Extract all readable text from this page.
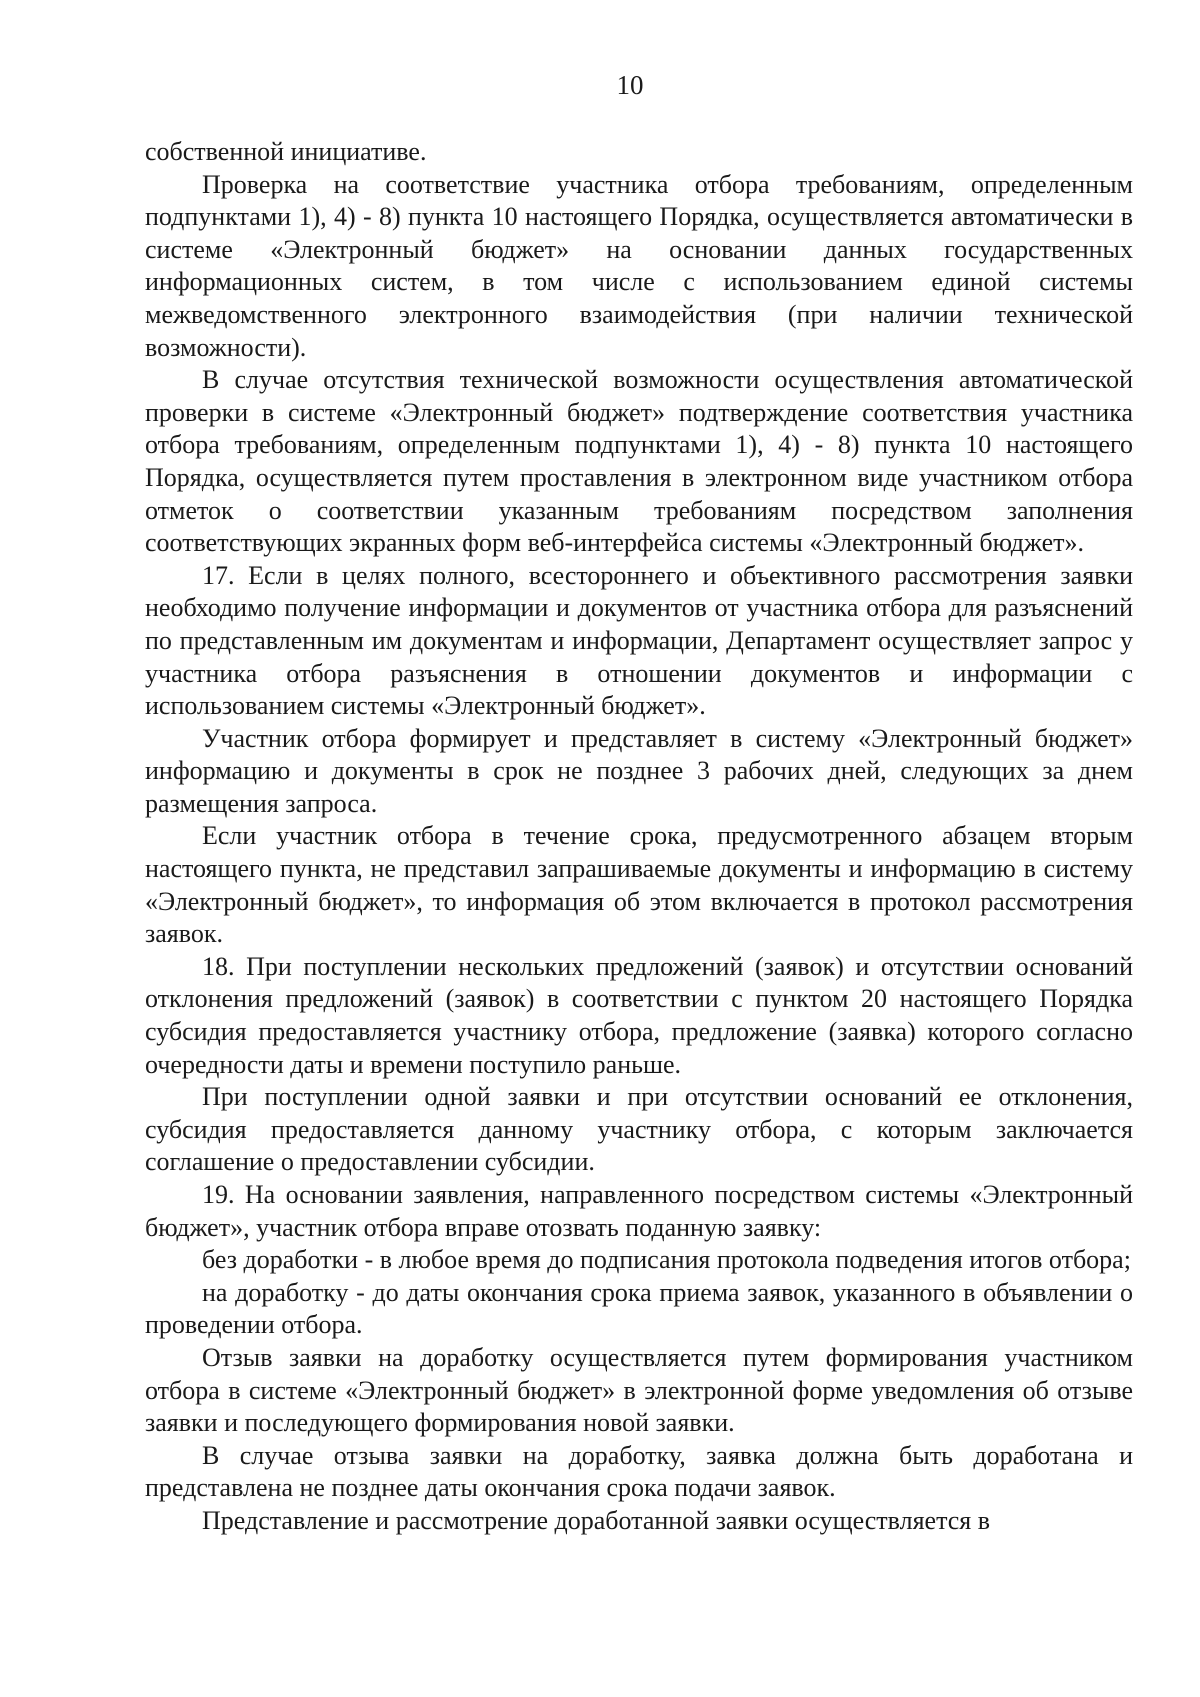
10

собственной инициативе.

Проверка на соответствие участника отбора требованиям, определенным подпунктами 1), 4) - 8) пункта 10 настоящего Порядка, осуществляется автоматически в системе «Электронный бюджет» на основании данных государственных информационных систем, в том числе с использованием единой системы межведомственного электронного взаимодействия (при наличии технической возможности).

В случае отсутствия технической возможности осуществления автоматической проверки в системе «Электронный бюджет» подтверждение соответствия участника отбора требованиям, определенным подпунктами 1), 4) - 8) пункта 10 настоящего Порядка, осуществляется путем проставления в электронном виде участником отбора отметок о соответствии указанным требованиям посредством заполнения соответствующих экранных форм веб-интерфейса системы «Электронный бюджет».

17. Если в целях полного, всестороннего и объективного рассмотрения заявки необходимо получение информации и документов от участника отбора для разъяснений по представленным им документам и информации, Департамент осуществляет запрос у участника отбора разъяснения в отношении документов и информации с использованием системы «Электронный бюджет».

Участник отбора формирует и представляет в систему «Электронный бюджет» информацию и документы в срок не позднее 3 рабочих дней, следующих за днем размещения запроса.

Если участник отбора в течение срока, предусмотренного абзацем вторым настоящего пункта, не представил запрашиваемые документы и информацию в систему «Электронный бюджет», то информация об этом включается в протокол рассмотрения заявок.

18. При поступлении нескольких предложений (заявок) и отсутствии оснований отклонения предложений (заявок) в соответствии с пунктом 20 настоящего Порядка субсидия предоставляется участнику отбора, предложение (заявка) которого согласно очередности даты и времени поступило раньше.

При поступлении одной заявки и при отсутствии оснований ее отклонения, субсидия предоставляется данному участнику отбора, с которым заключается соглашение о предоставлении субсидии.

19. На основании заявления, направленного посредством системы «Электронный бюджет», участник отбора вправе отозвать поданную заявку:

без доработки - в любое время до подписания протокола подведения итогов отбора;

на доработку - до даты окончания срока приема заявок, указанного в объявлении о проведении отбора.

Отзыв заявки на доработку осуществляется путем формирования участником отбора в системе «Электронный бюджет» в электронной форме уведомления об отзыве заявки и последующего формирования новой заявки.

В случае отзыва заявки на доработку, заявка должна быть доработана и представлена не позднее даты окончания срока подачи заявок.

Представление и рассмотрение доработанной заявки осуществляется в
